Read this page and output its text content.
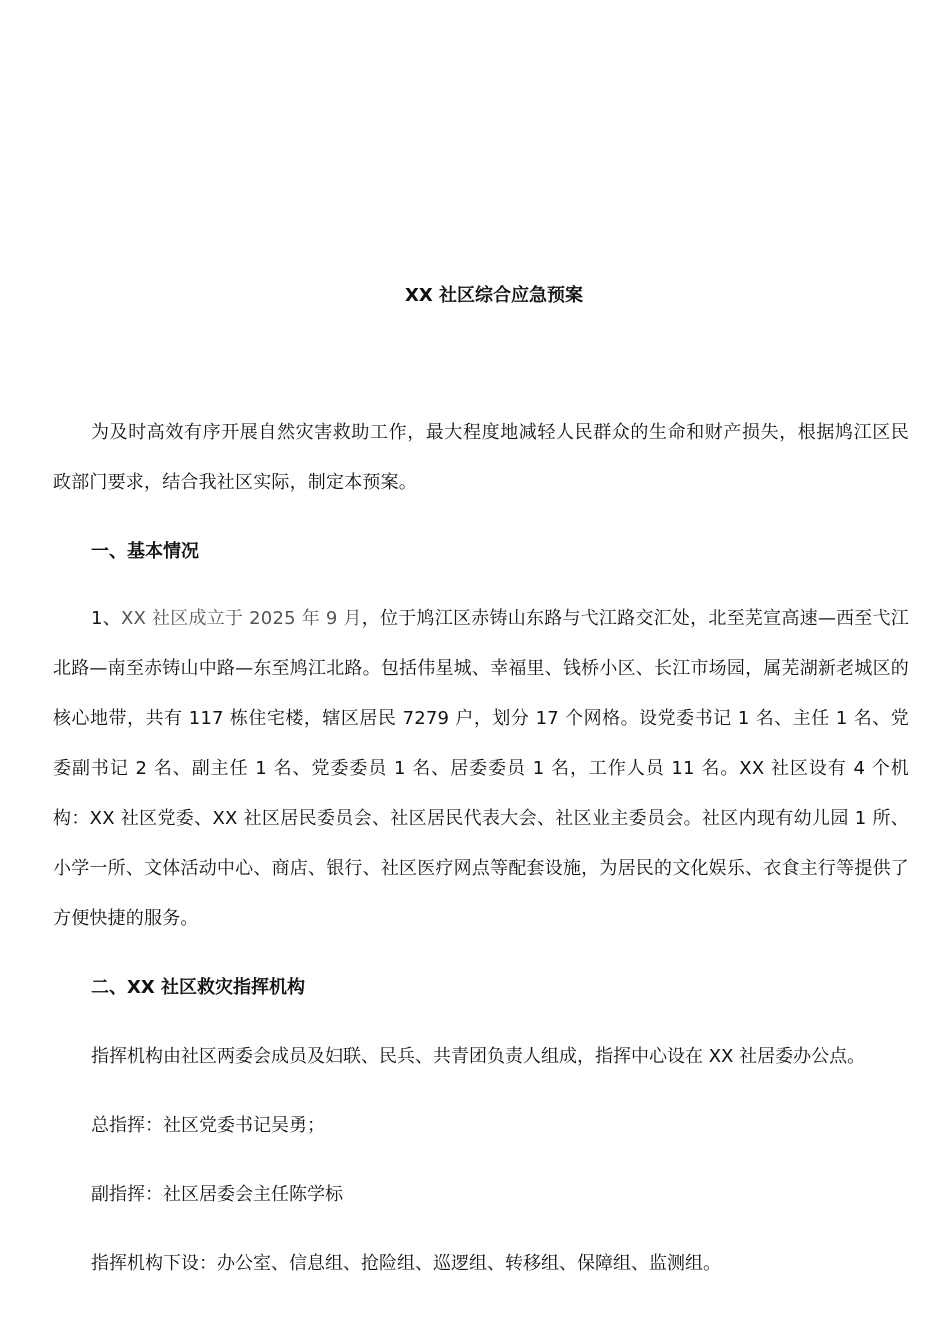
XX 社区综合应急预案
为及时高效有序开展自然灾害救助工作，最大程度地减轻人民群众的生命和财产损失，根据鸠江区民政部门要求，结合我社区实际，制定本预案。
一、基本情况
1、XX 社区成立于 2025 年 9 月，位于鸠江区赤铸山东路与弋江路交汇处，北至芜宣高速—西至弋江北路—南至赤铸山中路—东至鸠江北路。包括伟星城、幸福里、钱桥小区、长江市场园，属芜湖新老城区的核心地带，共有 117 栋住宅楼，辖区居民 7279 户，划分 17 个网格。设党委书记 1 名、主任 1 名、党委副书记 2 名、副主任 1 名、党委委员 1 名、居委委员 1 名，工作人员 11 名。XX 社区设有 4 个机构：XX 社区党委、XX 社区居民委员会、社区居民代表大会、社区业主委员会。社区内现有幼儿园 1 所、小学一所、文体活动中心、商店、银行、社区医疗网点等配套设施，为居民的文化娱乐、衣食主行等提供了方便快捷的服务。
二、XX 社区救灾指挥机构
指挥机构由社区两委会成员及妇联、民兵、共青团负责人组成，指挥中心设在 XX 社居委办公点。
总指挥：社区党委书记吴勇；
副指挥：社区居委会主任陈学标
指挥机构下设：办公室、信息组、抢险组、巡逻组、转移组、保障组、监测组。
